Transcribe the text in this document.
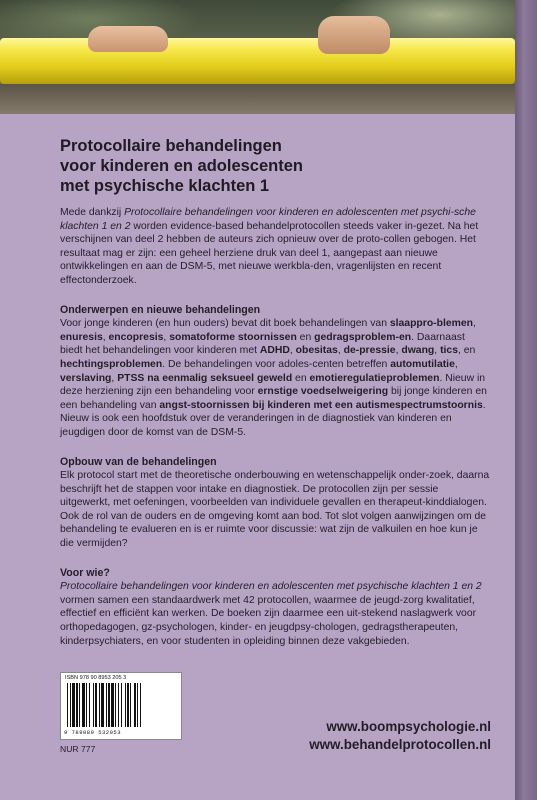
Protocollaire behandelingen
voor kinderen en adolescenten
met psychische klachten 1

Mede dankzij Protocollaire behandelingen voor kinderen en adolescenten met psychi-sche klachten 1 en 2 worden evidence-based behandelprotocollen steeds vaker in-gezet. Na het verschijnen van deel 2 hebben de auteurs zich opnieuw over de proto-collen gebogen. Het resultaat mag er zijn: een geheel herziene druk van deel 1, aangepast aan nieuwe ontwikkelingen en aan de DSM-5, met nieuwe werkbla-den, vragenlijsten en recent effectonderzoek.

Onderwerpen en nieuwe behandelingen

Voor jonge kinderen (en hun ouders) bevat dit boek behandelingen van slaappro-blemen, enuresis, encopresis, somatoforme stoornissen en gedragsproblem-en. Daarnaast biedt het behandelingen voor kinderen met ADHD, obesitas, de-pressie, dwang, tics, en hechtingsproblemen. De behandelingen voor adoles-centen betreffen automutilatie, verslaving, PTSS na eenmalig seksueel geweld en emotieregulatieproblemen. Nieuw in deze herziening zijn een behandeling voor ernstige voedselweigering bij jonge kinderen en een behandeling van angst-stoornissen bij kinderen met een autismespectrumstoornis. Nieuw is ook een hoofdstuk over de veranderingen in de diagnostiek van kinderen en jeugdigen door de komst van de DSM-5.

Opbouw van de behandelingen

Elk protocol start met de theoretische onderbouwing en wetenschappelijk onder-zoek, daarna beschrijft het de stappen voor intake en diagnostiek. De protocollen zijn per sessie uitgewerkt, met oefeningen, voorbeelden van individuele gevallen en therapeut-kinddialogen. Ook de rol van de ouders en de omgeving komt aan bod. Tot slot volgen aanwijzingen om de behandeling te evalueren en is er ruimte voor discussie: wat zijn de valkuilen en hoe kun je die vermijden?

Voor wie?

Protocollaire behandelingen voor kinderen en adolescenten met psychische klachten 1 en 2 vormen samen een standaardwerk met 42 protocollen, waarmee de jeugd-zorg kwalitatief, effectief en efficiënt kan werken. De boeken zijn daarmee een uit-stekend naslagwerk voor orthopedagogen, gz-psychologen, kinder- en jeugdpsy-chologen, gedragstherapeuten, kinderpsychiaters, en voor studenten in opleiding binnen deze vakgebieden.

ISBN 978 90 8953 205 3
9 789089 532053
NUR 777
www.boompsychologie.nl
www.behandelprotocollen.nl
